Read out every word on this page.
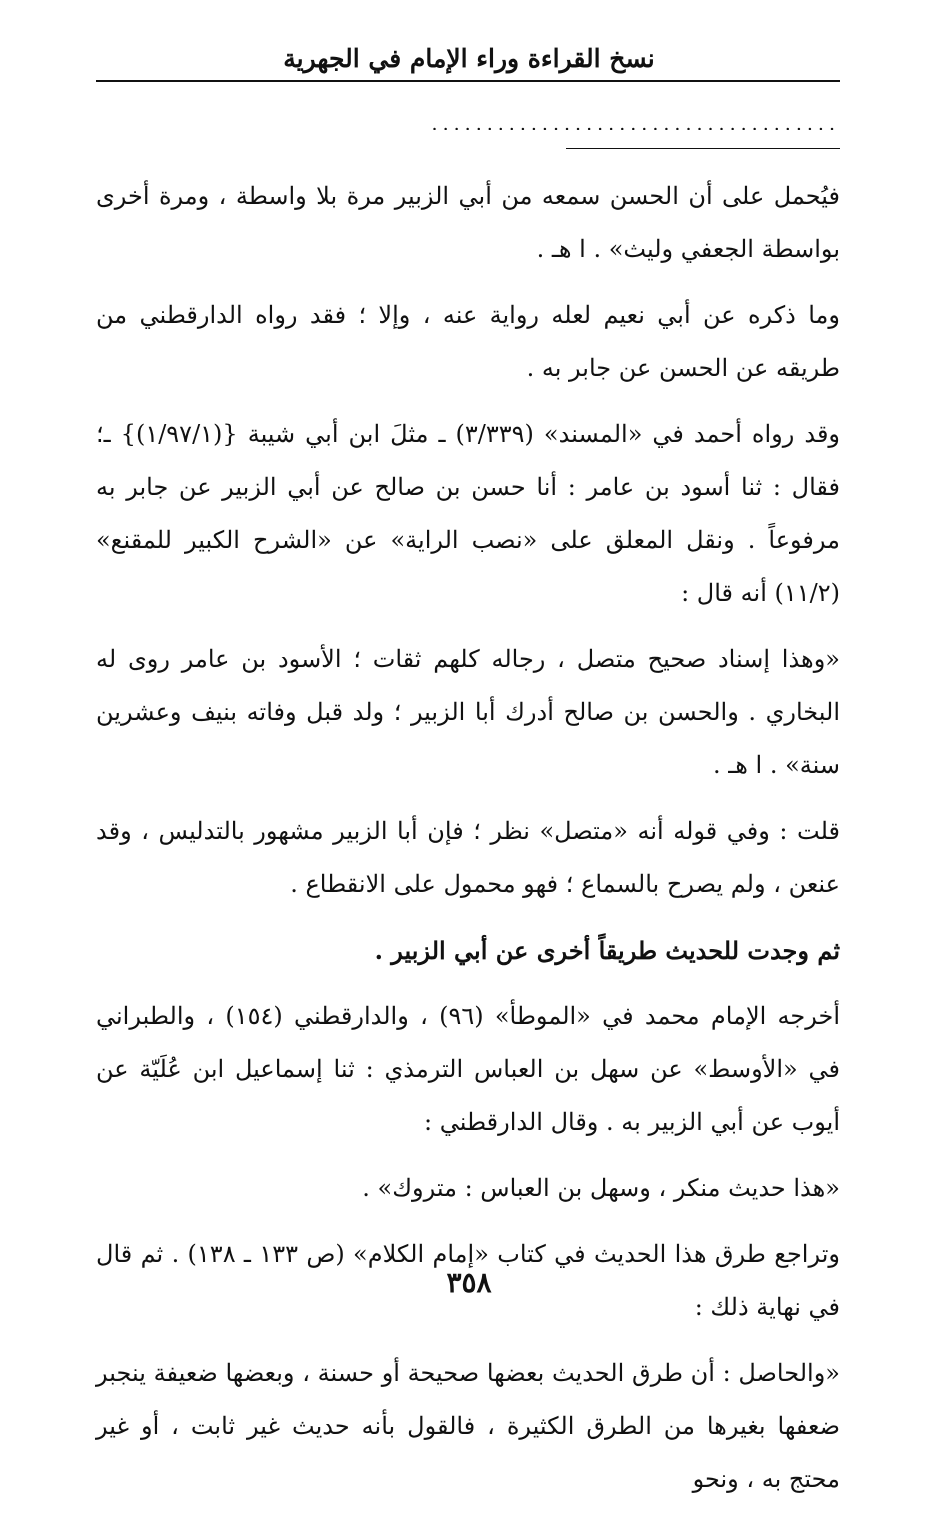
نسخ القراءة وراء الإمام في الجهرية
.....................................

فيُحمل على أن الحسن سمعه من أبي الزبير مرة بلا واسطة ، ومرة أخرى بواسطة الجعفي وليث» . ا هـ .

وما ذكره عن أبي نعيم لعله رواية عنه ، وإلا ؛ فقد رواه الدارقطني من طريقه عن الحسن عن جابر به .

وقد رواه أحمد في «المسند» (٣/٣٣٩) ـ مثلَ ابن أبي شيبة {(١/٩٧/١)} ـ؛ فقال : ثنا أسود بن عامر : أنا حسن بن صالح عن أبي الزبير عن جابر به مرفوعاً . ونقل المعلق على «نصب الراية» عن «الشرح الكبير للمقنع» (١١/٢) أنه قال :

«وهذا إسناد صحيح متصل ، رجاله كلهم ثقات ؛ الأسود بن عامر روى له البخاري . والحسن بن صالح أدرك أبا الزبير ؛ ولد قبل وفاته بنيف وعشرين سنة» . ا هـ .

قلت : وفي قوله أنه «متصل» نظر ؛ فإن أبا الزبير مشهور بالتدليس ، وقد عنعن ، ولم يصرح بالسماع ؛ فهو محمول على الانقطاع .

ثم وجدت للحديث طريقاً أخرى عن أبي الزبير .

أخرجه الإمام محمد في «الموطأ» (٩٦) ، والدارقطني (١٥٤) ، والطبراني في «الأوسط» عن سهل بن العباس الترمذي : ثنا إسماعيل ابن عُلَيّة عن أيوب عن أبي الزبير به . وقال الدارقطني :

«هذا حديث منكر ، وسهل بن العباس : متروك» .

وتراجع طرق هذا الحديث في كتاب «إمام الكلام» (ص ١٣٣ ـ ١٣٨) . ثم قال في نهاية ذلك :

«والحاصل : أن طرق الحديث بعضها صحيحة أو حسنة ، وبعضها ضعيفة ينجبر ضعفها بغيرها من الطرق الكثيرة ، فالقول بأنه حديث غير ثابت ، أو غير محتج به ، ونحو

٣٥٨
